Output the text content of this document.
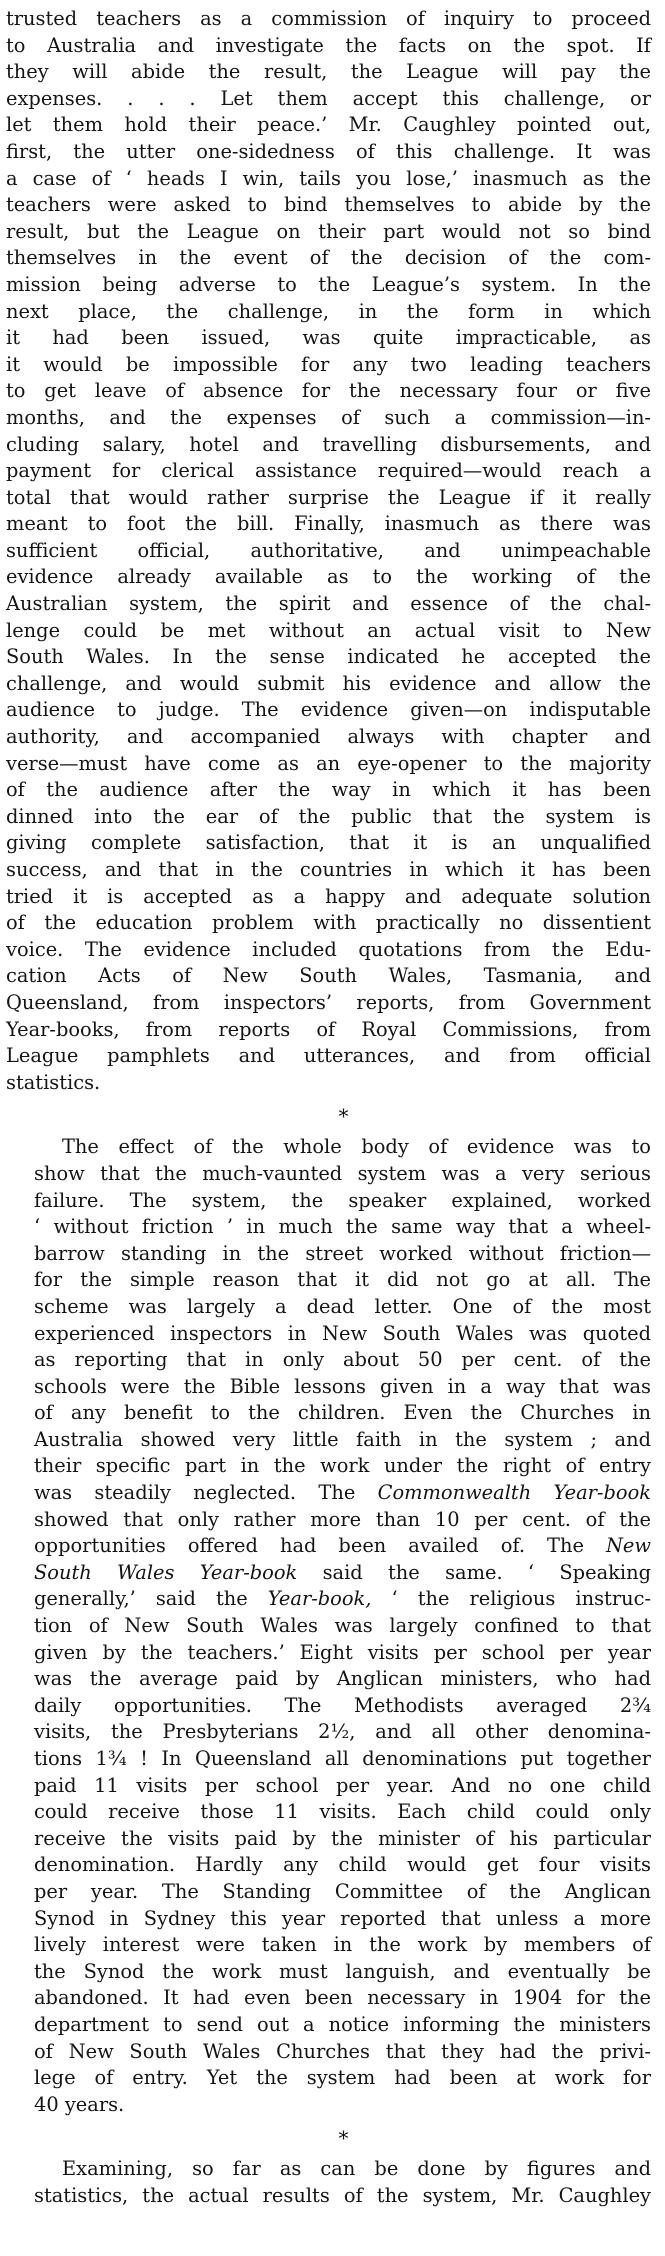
trusted teachers as a commission of inquiry to proceed
to Australia and investigate the facts on the spot. If
they will abide the result, the League will pay the
expenses. . . . Let them accept this challenge, or
let them hold their peace.’ Mr. Caughley pointed out,
first, the utter one-sidedness of this challenge. It was
a case of ‘ heads I win, tails you lose,’ inasmuch as the
teachers were asked to bind themselves to abide by the
result, but the League on their part would not so bind
themselves in the event of the decision of the com-
mission being adverse to the League’s system. In the
next place, the challenge, in the form in which
it had been issued, was quite impracticable, as
it would be impossible for any two leading teachers
to get leave of absence for the necessary four or five
months, and the expenses of such a commission—in-
cluding salary, hotel and travelling disbursements, and
payment for clerical assistance required—would reach a
total that would rather surprise the League if it really
meant to foot the bill. Finally, inasmuch as there was
sufficient official, authoritative, and unimpeachable
evidence already available as to the working of the
Australian system, the spirit and essence of the chal-
lenge could be met without an actual visit to New
South Wales. In the sense indicated he accepted the
challenge, and would submit his evidence and allow the
audience to judge. The evidence given—on indisputable
authority, and accompanied always with chapter and
verse—must have come as an eye-opener to the majority
of the audience after the way in which it has been
dinned into the ear of the public that the system is
giving complete satisfaction, that it is an unqualified
success, and that in the countries in which it has been
tried it is accepted as a happy and adequate solution
of the education problem with practically no dissentient
voice. The evidence included quotations from the Edu-
cation Acts of New South Wales, Tasmania, and
Queensland, from inspectors’ reports, from Government
Year-books, from reports of Royal Commissions, from
League pamphlets and utterances, and from official
statistics.
*
The effect of the whole body of evidence was to
show that the much-vaunted system was a very serious
failure. The system, the speaker explained, worked
‘ without friction ’ in much the same way that a wheel-
barrow standing in the street worked without friction—
for the simple reason that it did not go at all. The
scheme was largely a dead letter. One of the most
experienced inspectors in New South Wales was quoted
as reporting that in only about 50 per cent. of the
schools were the Bible lessons given in a way that was
of any benefit to the children. Even the Churches in
Australia showed very little faith in the system ; and
their specific part in the work under the right of entry
was steadily neglected. The Commonwealth Year-book
showed that only rather more than 10 per cent. of the
opportunities offered had been availed of. The New
South Wales Year-book said the same. ‘ Speaking
generally,’ said the Year-book, ‘ the religious instruc-
tion of New South Wales was largely confined to that
given by the teachers.’ Eight visits per school per year
was the average paid by Anglican ministers, who had
daily opportunities. The Methodists averaged 2¾
visits, the Presbyterians 2½, and all other denomina-
tions 1¾ ! In Queensland all denominations put together
paid 11 visits per school per year. And no one child
could receive those 11 visits. Each child could only
receive the visits paid by the minister of his particular
denomination. Hardly any child would get four visits
per year. The Standing Committee of the Anglican
Synod in Sydney this year reported that unless a more
lively interest were taken in the work by members of
the Synod the work must languish, and eventually be
abandoned. It had even been necessary in 1904 for the
department to send out a notice informing the ministers
of New South Wales Churches that they had the privi-
lege of entry. Yet the system had been at work for
40 years.
*
Examining, so far as can be done by figures and
statistics, the actual results of the system, Mr. Caughley
